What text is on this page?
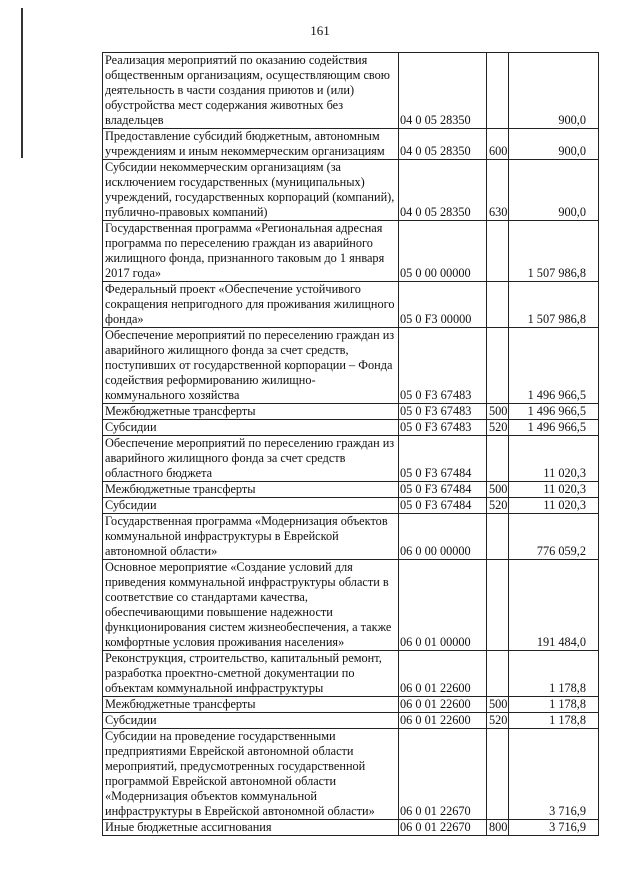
161
Реализация мероприятий по оказанию содействия общественным организациям, осуществляющим свою деятельность в части создания приютов и (или) обустройства мест содержания животных без владельцев	04 0 05 28350		900,0
Предоставление субсидий бюджетным, автономным учреждениям и иным некоммерческим организациям	04 0 05 28350	600	900,0
Субсидии некоммерческим организациям (за исключением государственных (муниципальных) учреждений, государственных корпораций (компаний), публично-правовых компаний)	04 0 05 28350	630	900,0
Государственная программа «Региональная адресная программа по переселению граждан из аварийного жилищного фонда, признанного таковым до 1 января 2017 года»	05 0 00 00000		1 507 986,8
Федеральный проект «Обеспечение устойчивого сокращения непригодного для проживания жилищного фонда»	05 0 F3 00000		1 507 986,8
Обеспечение мероприятий по переселению граждан из аварийного жилищного фонда за счет средств, поступивших от государственной корпорации – Фонда содействия реформированию жилищно-коммунального хозяйства	05 0 F3 67483		1 496 966,5
Межбюджетные трансферты	05 0 F3 67483	500	1 496 966,5
Субсидии	05 0 F3 67483	520	1 496 966,5
Обеспечение мероприятий по переселению граждан из аварийного жилищного фонда за счет средств областного бюджета	05 0 F3 67484		11 020,3
Межбюджетные трансферты	05 0 F3 67484	500	11 020,3
Субсидии	05 0 F3 67484	520	11 020,3
Государственная программа «Модернизация объектов коммунальной инфраструктуры в Еврейской автономной области»	06 0 00 00000		776 059,2
Основное мероприятие «Создание условий для приведения коммунальной инфраструктуры области в соответствие со стандартами качества, обеспечивающими повышение надежности функционирования систем жизнеобеспечения, а также комфортные условия проживания населения»	06 0 01 00000		191 484,0
Реконструкция, строительство, капитальный ремонт, разработка проектно-сметной документации по объектам коммунальной инфраструктуры	06 0 01 22600		1 178,8
Межбюджетные трансферты	06 0 01 22600	500	1 178,8
Субсидии	06 0 01 22600	520	1 178,8
Субсидии на проведение государственными предприятиями Еврейской автономной области мероприятий, предусмотренных государственной программой Еврейской автономной области «Модернизация объектов коммунальной инфраструктуры в Еврейской автономной области»	06 0 01 22670		3 716,9
Иные бюджетные ассигнования	06 0 01 22670	800	3 716,9
